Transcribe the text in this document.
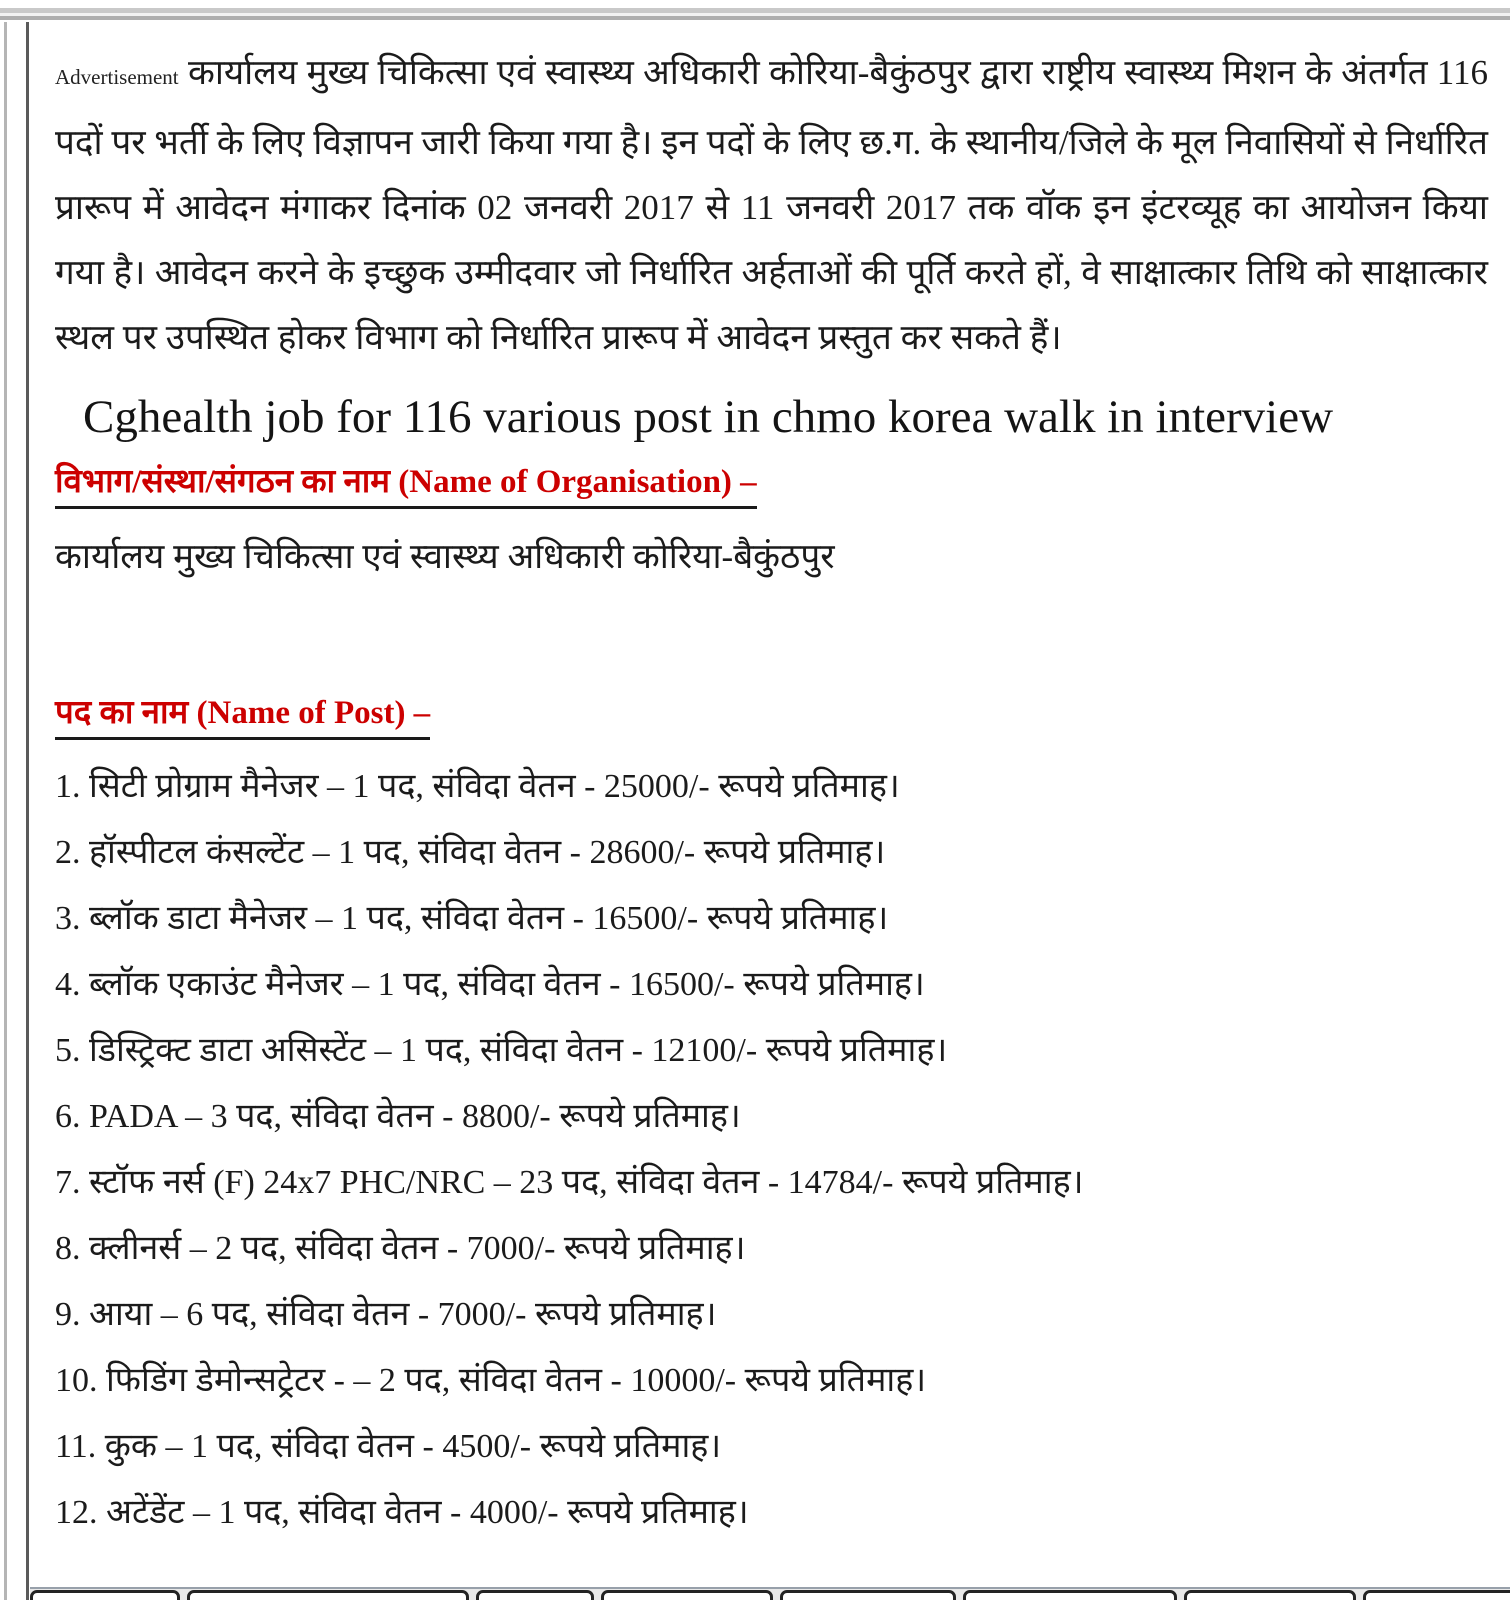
Advertisement कार्यालय मुख्य चिकित्सा एवं स्वास्थ्य अधिकारी कोरिया-बैकुंठपुर द्वारा राष्ट्रीय स्वास्थ्य मिशन के अंतर्गत 116 पदों पर भर्ती के लिए विज्ञापन जारी किया गया है। इन पदों के लिए छ.ग. के स्थानीय/जिले के मूल निवासियों से निर्धारित प्रारूप में आवेदन मंगाकर दिनांक 02 जनवरी 2017 से 11 जनवरी 2017 तक वॉक इन इंटरव्यूह का आयोजन किया गया है। आवेदन करने के इच्छुक उम्मीदवार जो निर्धारित अर्हताओं की पूर्ति करते हों, वे साक्षात्कार तिथि को साक्षात्कार स्थल पर उपस्थित होकर विभाग को निर्धारित प्रारूप में आवेदन प्रस्तुत कर सकते हैं।

Cghealth job for 116 various post in chmo korea walk in interview
विभाग/संस्था/संगठन का नाम (Name of Organisation) –
कार्यालय मुख्य चिकित्सा एवं स्वास्थ्य अधिकारी कोरिया-बैकुंठपुर
पद का नाम (Name of Post) –
1. सिटी प्रोग्राम मैनेजर – 1 पद, संविदा वेतन - 25000/- रूपये प्रतिमाह।
2. हॉस्पीटल कंसल्टेंट – 1 पद, संविदा वेतन - 28600/- रूपये प्रतिमाह।
3. ब्लॉक डाटा मैनेजर – 1 पद, संविदा वेतन - 16500/- रूपये प्रतिमाह।
4. ब्लॉक एकाउंट मैनेजर – 1 पद, संविदा वेतन - 16500/- रूपये प्रतिमाह।
5. डिस्ट्रिक्ट डाटा असिस्टेंट – 1 पद, संविदा वेतन - 12100/- रूपये प्रतिमाह।
6. PADA – 3 पद, संविदा वेतन - 8800/- रूपये प्रतिमाह।
7. स्टॉफ नर्स (F) 24x7 PHC/NRC – 23 पद, संविदा वेतन - 14784/- रूपये प्रतिमाह।
8. क्लीनर्स – 2 पद, संविदा वेतन - 7000/- रूपये प्रतिमाह।
9. आया – 6 पद, संविदा वेतन - 7000/- रूपये प्रतिमाह।
10. फिडिंग डेमोन्सट्रेटर - – 2 पद, संविदा वेतन - 10000/- रूपये प्रतिमाह।
11. कुक – 1 पद, संविदा वेतन - 4500/- रूपये प्रतिमाह।
12. अटेंडेंट – 1 पद, संविदा वेतन - 4000/- रूपये प्रतिमाह।
